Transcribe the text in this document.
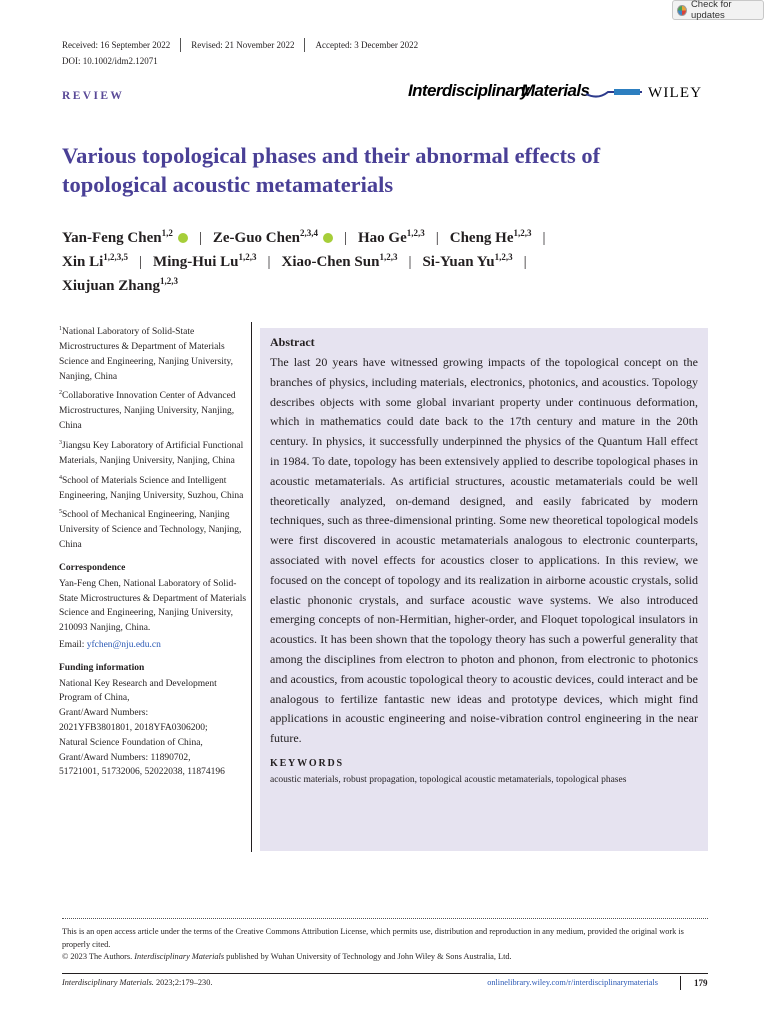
Check for updates
Received: 16 September 2022 Revised: 21 November 2022 Accepted: 3 December 2022
DOI: 10.1002/idm2.12071
REVIEW	Interdisciplinary
Materials	WILEY
Various topological phases and their abnormal effects of topological acoustic metamaterials
Yan-Feng Chen$^{1,2}$ | Ze-Guo Chen$^{2,3,4}$ | Hao Ge$^{1,2,3}$ | Cheng He$^{1,2,3}$ |
Xin Li$^{1,2,3,5}$ | Ming-Hui Lu$^{1,2,3}$ | Xiao-Chen Sun$^{1,2,3}$ | Si-Yuan Yu$^{1,2,3}$ |
Xiujuan Zhang$^{1,2,3}$

$^1$National Laboratory of Solid-State Microstructures & Department of Materials Science and Engineering, Nanjing University, Nanjing, China

$^2$Collaborative Innovation Center of Advanced Microstructures, Nanjing University, Nanjing, China

$^3$Jiangsu Key Laboratory of Artificial Functional Materials, Nanjing University, Nanjing, China

$^4$School of Materials Science and Intelligent Engineering, Nanjing University, Suzhou, China

$^5$School of Mechanical Engineering, Nanjing University of Science and Technology, Nanjing, China

Correspondence

Yan-Feng Chen, National Laboratory of Solid-State Microstructures & Department of Materials Science and Engineering, Nanjing University, 210093 Nanjing, China.

Email: yfchen@nju.edu.cn

Funding information
National Key Research and Development Program of China,
Grant/Award Numbers:
2021YFB3801801, 2018YFA0306200;
Natural Science Foundation of China,
Grant/Award Numbers: 11890702,
51721001, 51732006, 52022038, 11874196
Abstract
The last 20 years have witnessed growing impacts of the topological concept on the branches of physics, including materials, electronics, photonics, and acoustics. Topology describes objects with some global invariant property under continuous deformation, which in mathematics could date back to the 17th century and mature in the 20th century. In physics, it successfully underpinned the physics of the Quantum Hall effect in 1984. To date, topology has been extensively applied to describe topological phases in acoustic metamaterials. As artificial structures, acoustic metamaterials could be well theoretically analyzed, on-demand designed, and easily fabricated by modern techniques, such as three-dimensional printing. Some new theoretical topological models were first discovered in acoustic metamaterials analogous to electronic counterparts, associated with novel effects for acoustics closer to applications. In this review, we focused on the concept of topology and its realization in airborne acoustic crystals, solid elastic phononic crystals, and surface acoustic wave systems. We also introduced emerging concepts of non-Hermitian, higher-order, and Floquet topological insulators in acoustics. It has been shown that the topology theory has such a powerful generality that among the disciplines from electron to photon and phonon, from electronic to photonics and acoustics, from acoustic topological theory to acoustic devices, could interact and be analogous to fertilize fantastic new ideas and prototype devices, which might find applications in acoustic engineering and noise-vibration control engineering in the near future.
KEYWORDS
acoustic materials, robust propagation, topological acoustic metamaterials, topological phases

This is an open access article under the terms of the Creative Commons Attribution License, which permits use, distribution and reproduction in any medium, provided the original work is properly cited.

© 2023 The Authors. Interdisciplinary Materials published by Wuhan University of Technology and John Wiley & Sons Australia, Ltd.

Interdisciplinary Materials. 2023;2:179–230.	onlinelibrary.wiley.com/r/interdisciplinarymaterials	179
